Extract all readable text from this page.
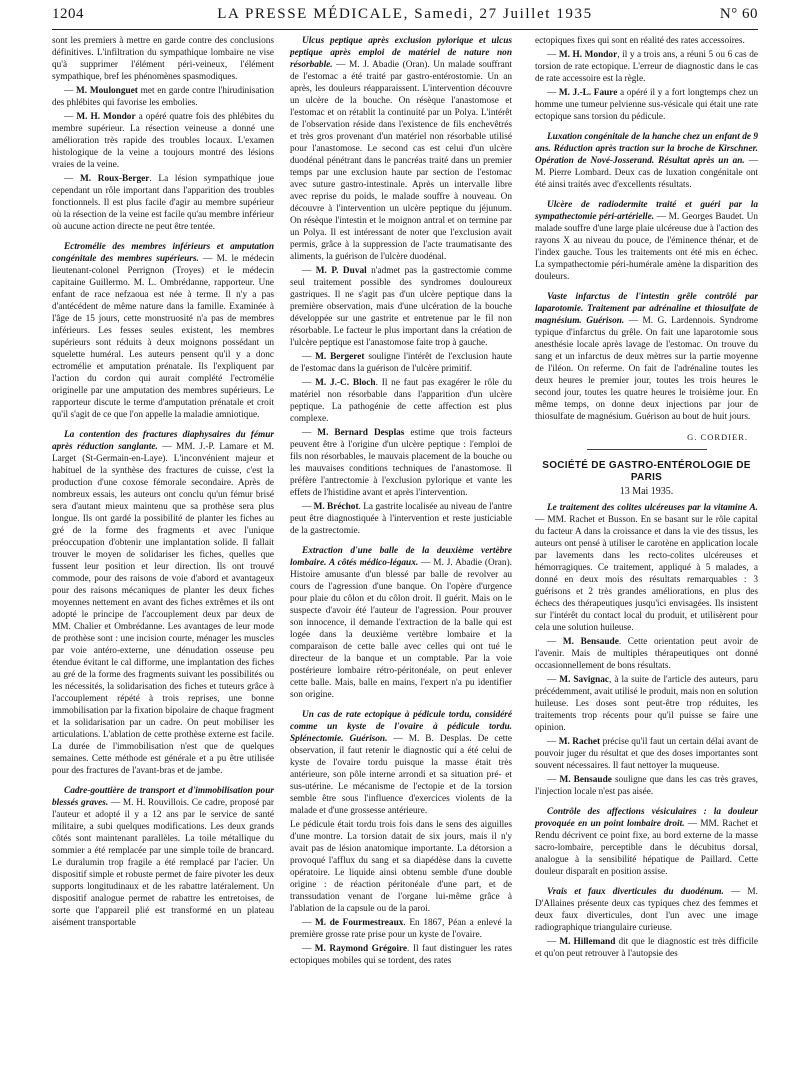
1204	LA PRESSE MÉDICALE, Samedi, 27 Juillet 1935	N° 60

sont les premiers à mettre en garde contre des conclusions définitives. L'infiltration du sympathique lombaire ne vise qu'à supprimer l'élément péri-veineux, l'élément sympathique, bref les phénomènes spasmodiques.

— M. Moulonguet met en garde contre l'hirudinisation des phlébites qui favorise les embolies.

— M. H. Mondor a opéré quatre fois des phlébites du membre supérieur. La résection veineuse a donné une amélioration très rapide des troubles locaux. L'examen histologique de la veine a toujours montré des lésions vraies de la veine.

— M. Roux-Berger. La lésion sympathique joue cependant un rôle important dans l'apparition des troubles fonctionnels. Il est plus facile d'agir au membre supérieur où la résection de la veine est facile qu'au membre inférieur où aucune action directe ne peut être tentée.

Ectromélie des membres inférieurs et amputation congénitale des membres supérieurs. — M. le médecin lieutenant-colonel Perrignon (Troyes) et le médecin capitaine Guillermo. M. L. Ombrédanne, rapporteur. Une enfant de race nefzaoua est née à terme. Il n'y a pas d'antécédent de même nature dans la famille. Examinée à l'âge de 15 jours, cette monstruosité n'a pas de membres inférieurs. Les fesses seules existent, les membres supérieurs sont réduits à deux moignons possédant un squelette huméral. Les auteurs pensent qu'il y a donc ectromélie et amputation prénatale. Ils l'expliquent par l'action du cordon qui aurait complété l'ectromélie originelle par une amputation des membres supérieurs. Le rapporteur discute le terme d'amputation prénatale et croit qu'il s'agit de ce que l'on appelle la maladie amniotique.

La contention des fractures diaphysaires du fémur après réduction sanglante. — MM. J.-P. Lamare et M. Larget (St-Germain-en-Laye). L'inconvénient majeur et habituel de la synthèse des fractures de cuisse, c'est la production d'une coxose fémorale secondaire. Après de nombreux essais, les auteurs ont conclu qu'un fémur brisé sera d'autant mieux maintenu que sa prothèse sera plus longue. Ils ont gardé la possibilité de planter les fiches au gré de la forme des fragments et avec l'unique préoccupation d'obtenir une implantation solide. Il fallait trouver le moyen de solidariser les fiches, quelles que fussent leur position et leur direction. Ils ont trouvé commode, pour des raisons de voie d'abord et avantageux pour des raisons mécaniques de planter les deux fiches moyennes nettement en avant des fiches extrêmes et ils ont adopté le principe de l'accouplement deux par deux de MM. Chalier et Ombrédanne. Les avantages de leur mode de prothèse sont : une incision courte, ménager les muscles par voie antéro-externe, une dénudation osseuse peu étendue évitant le cal difforme, une implantation des fiches au gré de la forme des fragments suivant les possibilités ou les nécessités, la solidarisation des fiches et tuteurs grâce à l'accouplement répété à trois reprises, une bonne immobilisation par la fixation bipolaire de chaque fragment et la solidarisation par un cadre. On peut mobiliser les articulations. L'ablation de cette prothèse externe est facile. La durée de l'immobilisation n'est que de quelques semaines. Cette méthode est générale et a pu être utilisée pour des fractures de l'avant-bras et de jambe.

Cadre-gouttière de transport et d'immobilisation pour blessés graves. — M. H. Rouvillois. Ce cadre, proposé par l'auteur et adopté il y a 12 ans par le service de santé militaire, a subi quelques modifications. Les deux grands côtés sont maintenant parallèles. La toile métallique du sommier a été remplacée par une simple toile de brancard. Le duralumin trop fragile a été remplacé par l'acier. Un dispositif simple et robuste permet de faire pivoter les deux supports longitudinaux et de les rabattre latéralement. Un dispositif analogue permet de rabattre les entretoises, de sorte que l'appareil plié est transformé en un plateau aisément transportable

Ulcus peptique après exclusion pylorique et ulcus peptique après emploi de matériel de nature non résorbable. — M. J. Abadie (Oran). Un malade souffrant de l'estomac a été traité par gastro-entérostomie. Un an après, les douleurs réapparaissent. L'intervention découvre un ulcère de la bouche. On résèque l'anastomose et l'estomac et on rétablit la continuité par un Polya. L'intérêt de l'observation réside dans l'existence de fils enchevêtrés et très gros provenant d'un matériel non résorbable utilisé pour l'anastomose. Le second cas est celui d'un ulcère duodénal pénétrant dans le pancréas traité dans un premier temps par une exclusion haute par section de l'estomac avec suture gastro-intestinale. Après un intervalle libre avec reprise du poids, le malade souffre à nouveau. On découvre à l'intervention un ulcère peptique du jéjunum. On résèque l'intestin et le moignon antral et on termine par un Polya. Il est intéressant de noter que l'exclusion avait permis, grâce à la suppression de l'acte traumatisante des aliments, la guérison de l'ulcère duodénal.

— M. P. Duval n'admet pas la gastrectomie comme seul traitement possible des syndromes douloureux gastriques. Il ne s'agit pas d'un ulcère peptique dans la première observation, mais d'une ulcération de la bouche développée sur une gastrite et entretenue par le fil non résorbable. Le facteur le plus important dans la création de l'ulcère peptique est l'anastomose faite trop à gauche.

— M. Bergeret souligne l'intérêt de l'exclusion haute de l'estomac dans la guérison de l'ulcère primitif.

— M. J.-C. Bloch. Il ne faut pas exagérer le rôle du matériel non résorbable dans l'apparition d'un ulcère peptique. La pathogénie de cette affection est plus complexe.

— M. Bernard Desplas estime que trois facteurs peuvent être à l'origine d'un ulcère peptique : l'emploi de fils non résorbables, le mauvais placement de la bouche ou les mauvaises conditions techniques de l'anastomose. Il préfère l'antrectomie à l'exclusion pylorique et vante les effets de l'histidine avant et après l'intervention.

— M. Bréchot. La gastrite localisée au niveau de l'antre peut être diagnostiquée à l'intervention et reste justiciable de la gastrectomie.

Extraction d'une balle de la deuxième vertèbre lombaire. A côtés médico-légaux. — M. J. Abadie (Oran). Histoire amusante d'un blessé par balle de revolver au cours de l'agression d'une banque. On l'opère d'urgence pour plaie du côlon et du côlon droit. Il guérit. Mais on le suspecte d'avoir été l'auteur de l'agression. Pour prouver son innocence, il demande l'extraction de la balle qui est logée dans la deuxième vertèbre lombaire et la comparaison de cette balle avec celles qui ont tué le directeur de la banque et un comptable. Par la voie postérieure lombaire rétro-péritonéale, on peut enlever cette balle. Mais, balle en mains, l'expert n'a pu identifier son origine.

Un cas de rate ectopique à pédicule tordu, considéré comme un kyste de l'ovaire à pédicule tordu. Splénectomie. Guérison. — M. B. Desplas. De cette observation, il faut retenir le diagnostic qui a été celui de kyste de l'ovaire tordu puisque la masse était très antérieure, son pôle interne arrondi et sa situation pré- et sus-utérine. Le mécanisme de l'ectopie et de la torsion semble être sous l'influence d'exercices violents de la malade et d'une grossesse antérieure.

Le pédicule était tordu trois fois dans le sens des aiguilles d'une montre. La torsion datait de six jours, mais il n'y avait pas de lésion anatomique importante. La détorsion a provoqué l'afflux du sang et sa diapédèse dans la cuvette opératoire. Le liquide ainsi obtenu semble d'une double origine : de réaction péritonéale d'une part, et de transsudation venant de l'organe lui-même grâce à l'ablation de la capsule ou de la paroi.

— M. de Fourmestreaux. En 1867, Péan a enlevé la première grosse rate prise pour un kyste de l'ovaire.

— M. Raymond Grégoire. Il faut distinguer les rates ectopiques mobiles qui se tordent, des rates

ectopiques fixes qui sont en réalité des rates accessoires.

— M. H. Mondor, il y a trois ans, a réuni 5 ou 6 cas de torsion de rate ectopique. L'erreur de diagnostic dans le cas de rate accessoire est la règle.

— M. J.-L. Faure a opéré il y a fort longtemps chez un homme une tumeur pelvienne sus-vésicale qui était une rate ectopique sans torsion du pédicule.

Luxation congénitale de la hanche chez un enfant de 9 ans. Réduction après traction sur la broche de Kirschner. Opération de Nové-Josserand. Résultat après un an. — M. Pierre Lombard. Deux cas de luxation congénitale ont été ainsi traités avec d'excellents résultats.

Ulcère de radiodermite traité et guéri par la sympathectomie péri-artérielle. — M. Georges Baudet. Un malade souffre d'une large plaie ulcéreuse due à l'action des rayons X au niveau du pouce, de l'éminence thénar, et de l'index gauche. Tous les traitements ont été mis en échec. La sympathectomie péri-humérale amène la disparition des douleurs.

Vaste infarctus de l'intestin grêle contrôlé par laparotomie. Traitement par adrénaline et thiosulfate de magnésium. Guérison. — M. G. Lardennois. Syndrome typique d'infarctus du grêle. On fait une laparotomie sous anesthésie locale après lavage de l'estomac. On trouve du sang et un infarctus de deux mètres sur la partie moyenne de l'iléon. On referme. On fait de l'adrénaline toutes les deux heures le premier jour, toutes les trois heures le second jour, toutes les quatre heures le troisième jour. En même temps, on donne deux injections par jour de thiosulfate de magnésium. Guérison au bout de huit jours.

G. CORDIER.
SOCIÉTÉ DE GASTRO-ENTÉROLOGIE DE PARIS
13 Mai 1935.

Le traitement des colites ulcéreuses par la vitamine A. — MM. Rachet et Busson. En se basant sur le rôle capital du facteur A dans la croissance et dans la vie des tissus, les auteurs ont pensé à utiliser le carotène en application locale par lavements dans les recto-colites ulcéreuses et hémorragiques. Ce traitement, appliqué à 5 malades, a donné en deux mois des résultats remarquables : 3 guérisons et 2 très grandes améliorations, en plus des échecs des thérapeutiques jusqu'ici envisagées. Ils insistent sur l'intérêt du contact local du produit, et utilisèrent pour cela une solution huileuse.

— M. Bensaude. Cette orientation peut avoir de l'avenir. Mais de multiples thérapeutiques ont donné occasionnellement de bons résultats.

— M. Savignac, à la suite de l'article des auteurs, paru précédemment, avait utilisé le produit, mais non en solution huileuse. Les doses sont peut-être trop réduites, les traitements trop récents pour qu'il puisse se faire une opinion.

— M. Rachet précise qu'il faut un certain délai avant de pouvoir juger du résultat et que des doses importantes sont souvent nécessaires. Il faut nettoyer la muqueuse.

— M. Bensaude souligne que dans les cas très graves, l'injection locale n'est pas aisée.

Contrôle des affections vésiculaires : la douleur provoquée en un point lombaire droit. — MM. Rachet et Rendu décrivent ce point fixe, au bord externe de la masse sacro-lombaire, perceptible dans le décubitus dorsal, analogue à la sensibilité hépatique de Paillard. Cette douleur disparaît en position assise.

Vrais et faux diverticules du duodénum. — M. D'Allaines présente deux cas typiques chez des femmes et deux faux diverticules, dont l'un avec une image radiographique triangulaire curieuse.

— M. Hillemand dit que le diagnostic est très difficile et qu'on peut retrouver à l'autopsie des
